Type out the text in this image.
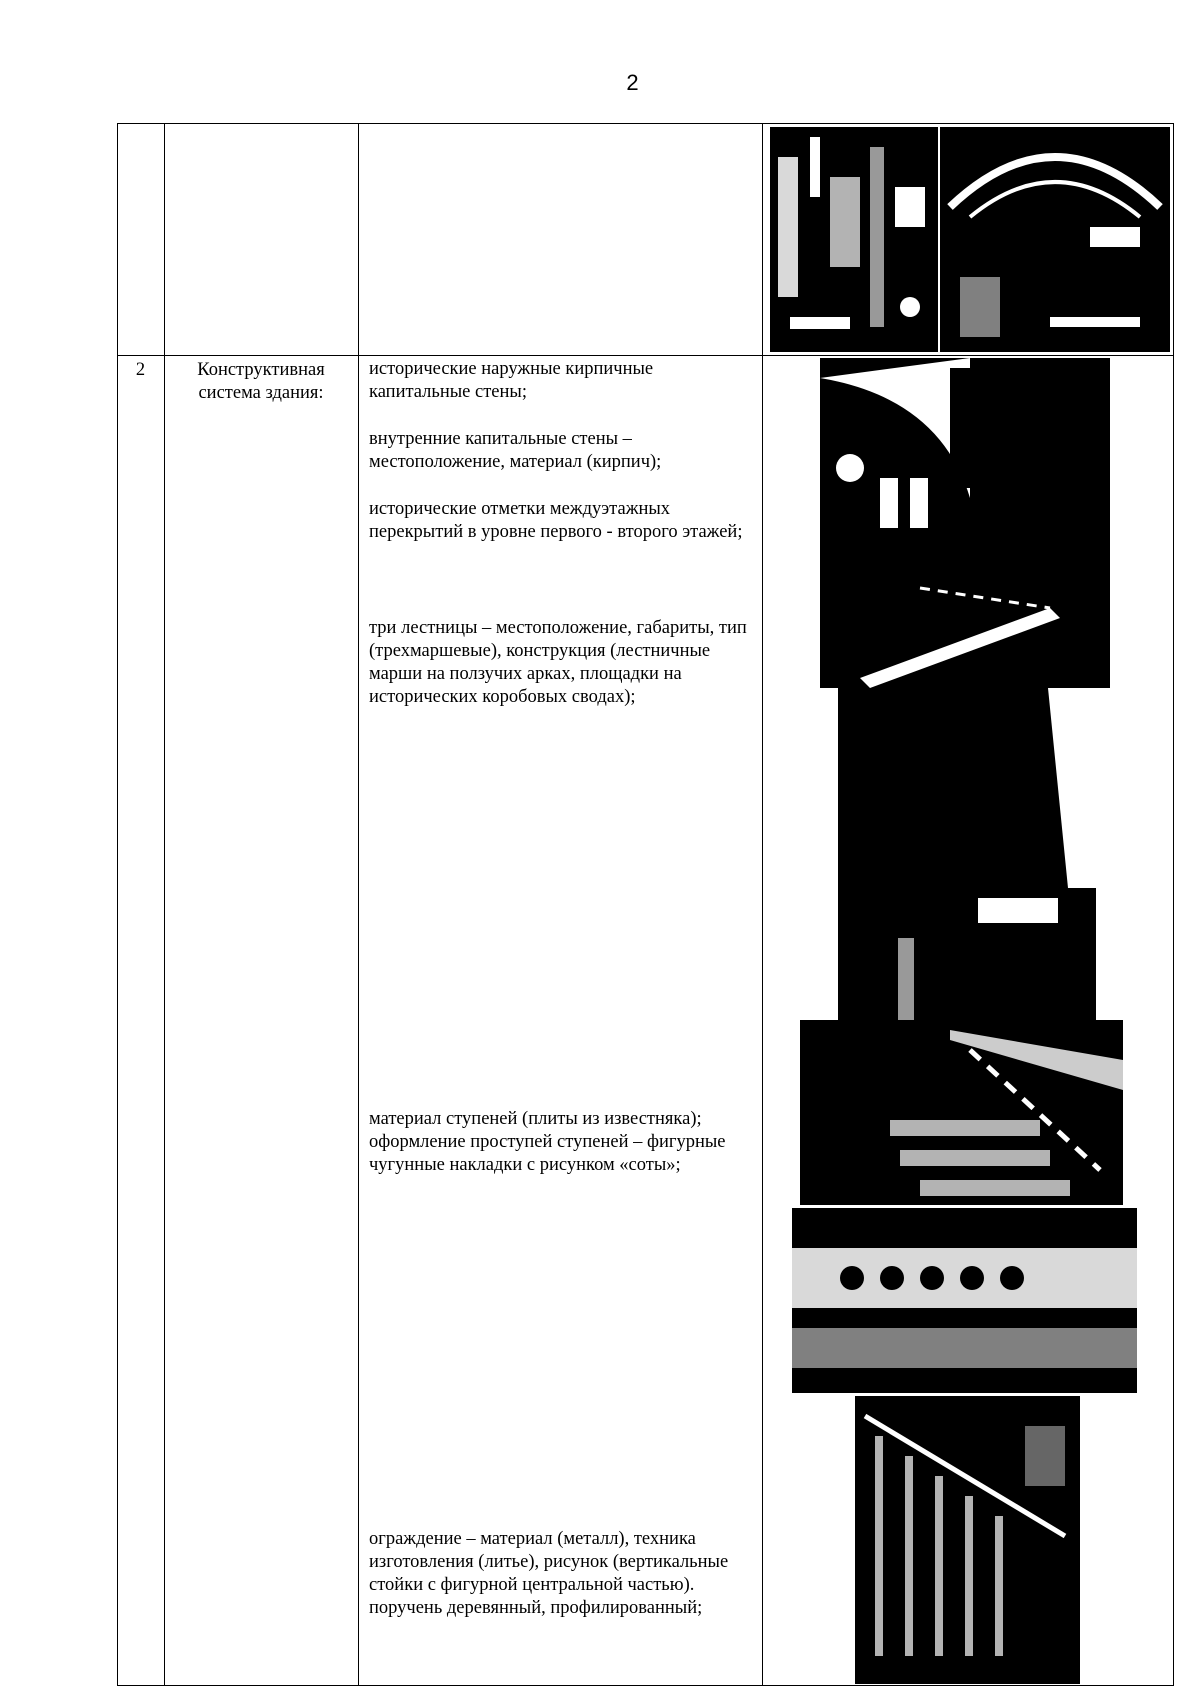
2
2	Конструктивная система здания:

исторические наружные кирпичные капитальные стены;

внутренние капитальные стены – местоположение, материал (кирпич);

исторические отметки междуэтажных перекрытий в уровне первого - второго этажей;

три лестницы – местоположение, габариты, тип (трехмаршевые), конструкция (лестничные марши на ползучих арках, площадки на исторических коробовых сводах);

материал ступеней (плиты из известняка); оформление проступей ступеней – фигурные чугунные накладки с рисунком «соты»;

ограждение – материал (металл), техника изготовления (литье), рисунок (вертикальные стойки с фигурной центральной частью).

поручень деревянный, профилированный;
